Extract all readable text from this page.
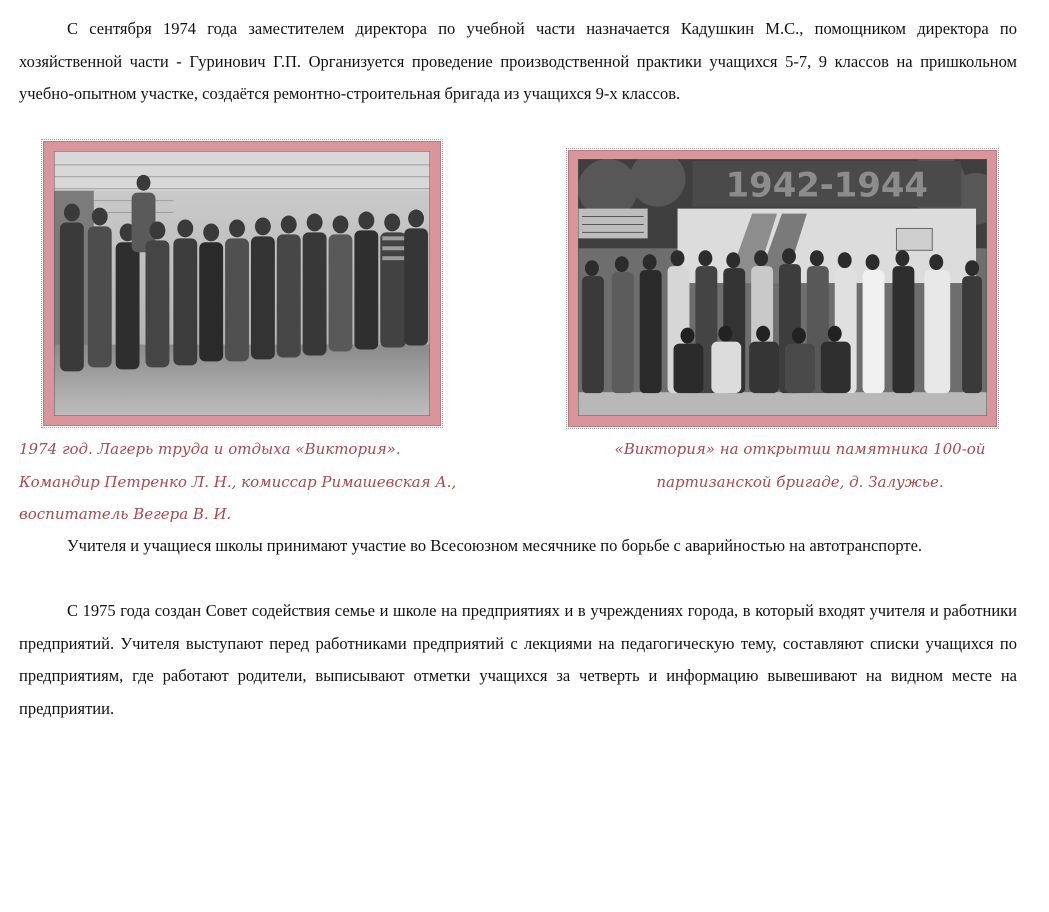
С сентября 1974 года заместителем директора по учебной части назначается Кадушкин М.С., помощником директора по хозяйственной части - Гуринович Г.П. Организуется проведение производственной практики учащихся 5-7, 9 классов на пришкольном учебно-опытном участке, создаётся ремонтно-строительная бригада из учащихся 9-х классов.

1942-1944

1974 год. Лагерь труда и отдыха «Виктория».
Командир Петренко Л. Н., комиссар Римашевская А.,
воспитатель Вегера В. И.

«Виктория» на открытии памятника 100-ой
партизанской бригаде, д. Залужье.

Учителя и учащиеся школы принимают участие во Всесоюзном месячнике по борьбе с аварийностью на автотранспорте.

С 1975 года создан Совет содействия семье и школе на предприятиях и в учреждениях города, в который входят учителя и работники предприятий. Учителя выступают перед работниками предприятий с лекциями на педагогическую тему, составляют списки учащихся по предприятиям, где работают родители, выписывают отметки учащихся за четверть и информацию вывешивают на видном месте на предприятии.
